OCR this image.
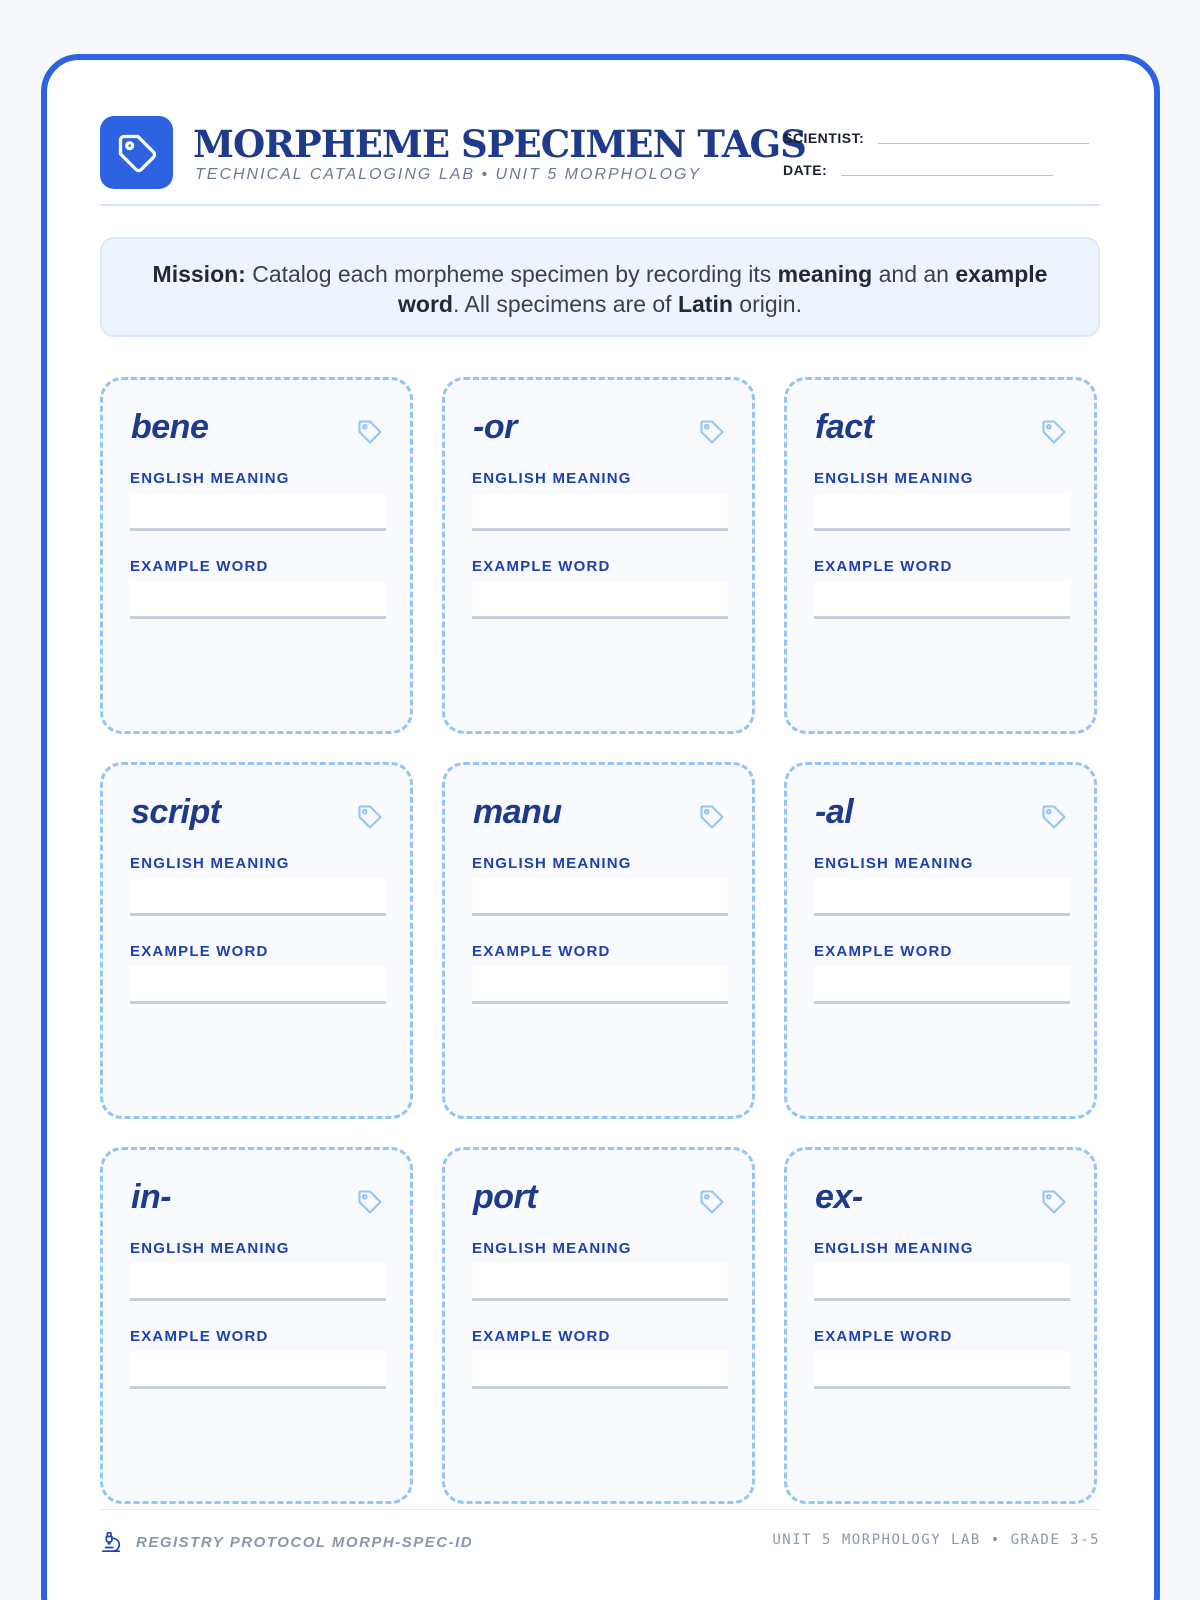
MORPHEME SPECIMEN TAGS
TECHNICAL CATALOGING LAB • UNIT 5 MORPHOLOGY
SCIENTIST:
DATE:
Mission: Catalog each morpheme specimen by recording its meaning and an example word. All specimens are of Latin origin.
bene
ENGLISH MEANING
EXAMPLE WORD
-or
ENGLISH MEANING
EXAMPLE WORD
fact
ENGLISH MEANING
EXAMPLE WORD
script
ENGLISH MEANING
EXAMPLE WORD
manu
ENGLISH MEANING
EXAMPLE WORD
-al
ENGLISH MEANING
EXAMPLE WORD
in-
ENGLISH MEANING
EXAMPLE WORD
port
ENGLISH MEANING
EXAMPLE WORD
ex-
ENGLISH MEANING
EXAMPLE WORD
REGISTRY PROTOCOL MORPH-SPEC-ID	UNIT 5 MORPHOLOGY LAB • GRADE 3-5
